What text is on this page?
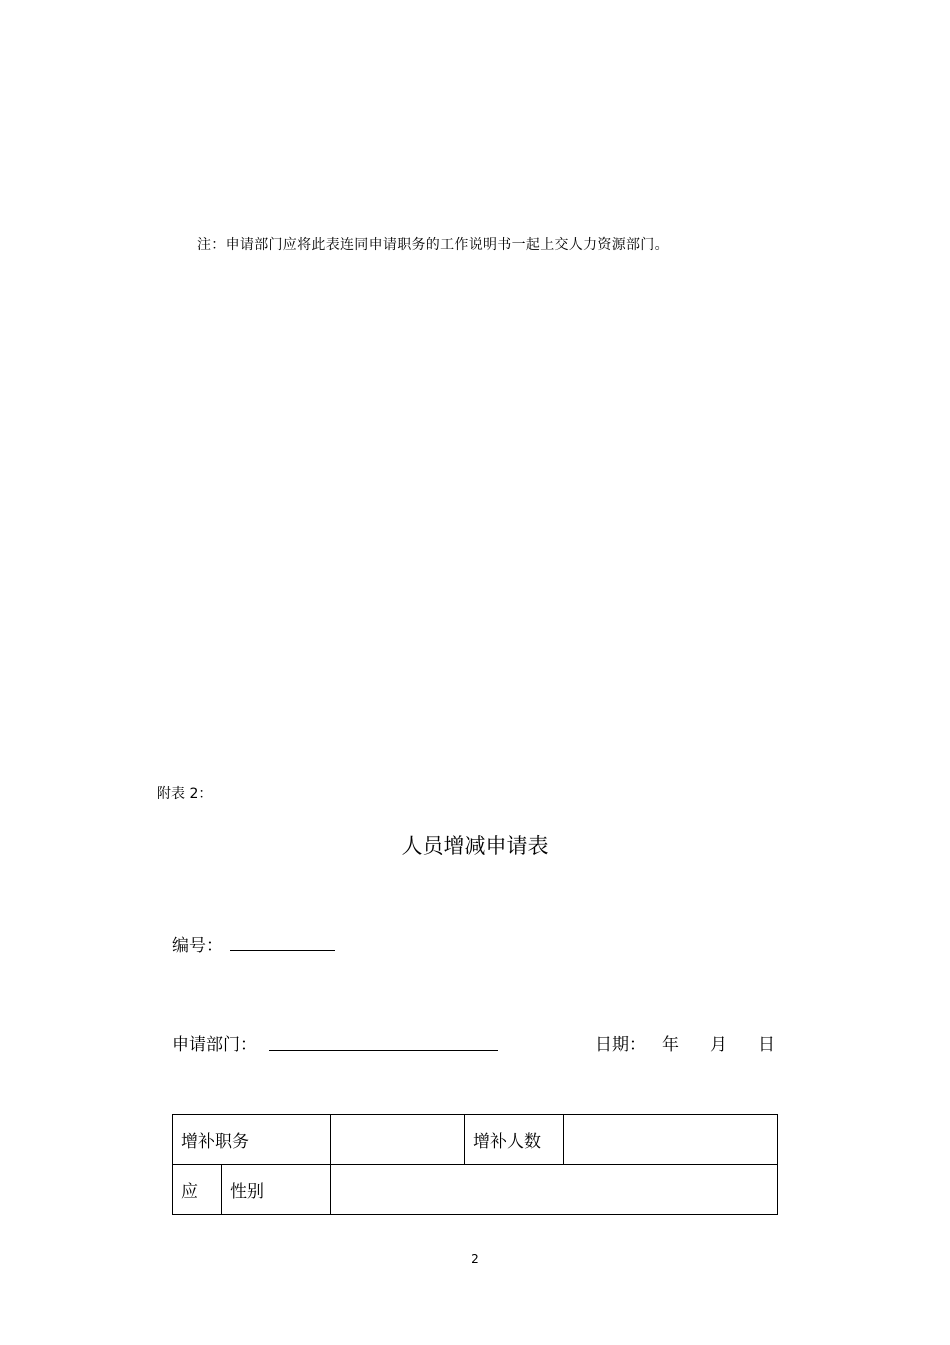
注：申请部门应将此表连同申请职务的工作说明书一起上交人力资源部门。
附表 2：
人员增减申请表
编号：
申请部门：	日期： 年 月 日
增补职务			增补人数	
应	性别			
2
